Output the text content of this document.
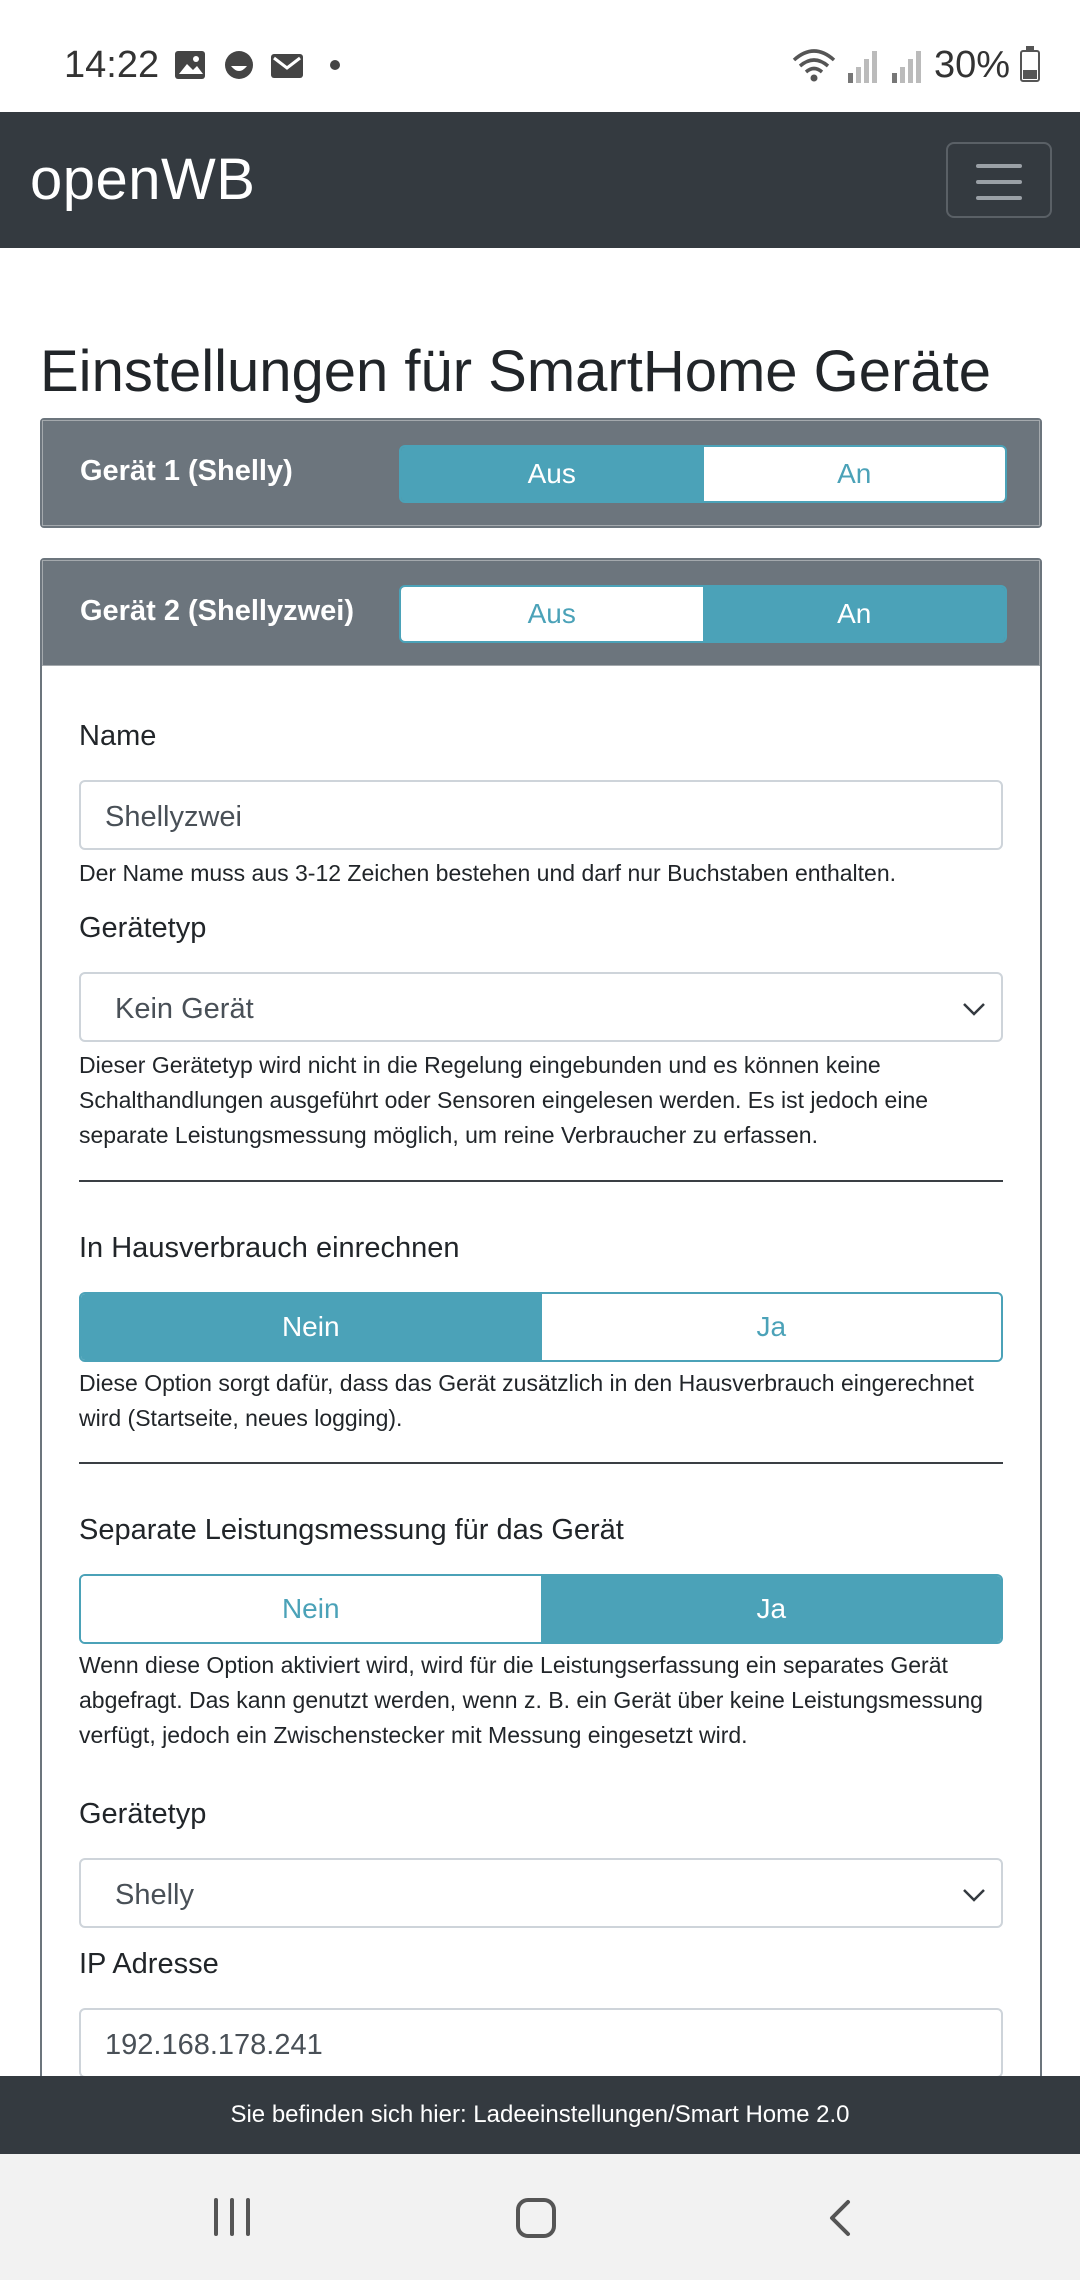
14:22	30%
openWB
Einstellungen für SmartHome Geräte
Gerät 1 (Shelly)	Aus	An
Gerät 2 (Shellyzwei)	Aus	An
Name
Shellyzwei
Der Name muss aus 3-12 Zeichen bestehen und darf nur Buchstaben enthalten.
Gerätetyp
Kein Gerät
Dieser Gerätetyp wird nicht in die Regelung eingebunden und es können keine Schalthandlungen ausgeführt oder Sensoren eingelesen werden. Es ist jedoch eine separate Leistungsmessung möglich, um reine Verbraucher zu erfassen.
In Hausverbrauch einrechnen
Nein	Ja
Diese Option sorgt dafür, dass das Gerät zusätzlich in den Hausverbrauch eingerechnet wird (Startseite, neues logging).
Separate Leistungsmessung für das Gerät
Nein	Ja
Wenn diese Option aktiviert wird, wird für die Leistungserfassung ein separates Gerät abgefragt. Das kann genutzt werden, wenn z. B. ein Gerät über keine Leistungsmessung verfügt, jedoch ein Zwischenstecker mit Messung eingesetzt wird.
Gerätetyp
Shelly
IP Adresse
192.168.178.241
Sie befinden sich hier: Ladeeinstellungen/Smart Home 2.0
